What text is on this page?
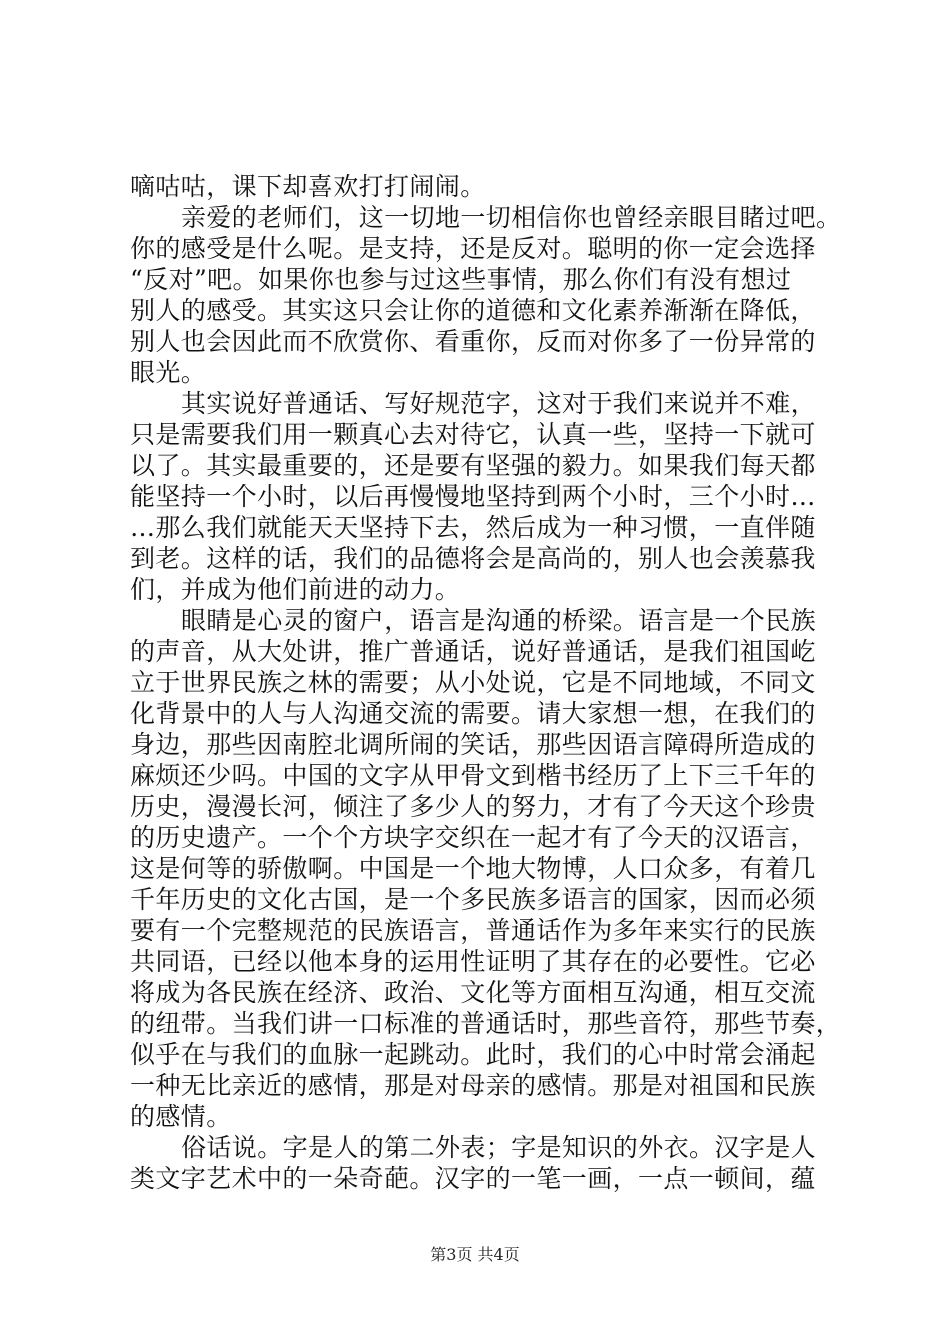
嘀咕咕，课下却喜欢打打闹闹。
亲爱的老师们，这一切地一切相信你也曾经亲眼目睹过吧。
你的感受是什么呢。是支持，还是反对。聪明的你一定会选择
“反对”吧。如果你也参与过这些事情，那么你们有没有想过
别人的感受。其实这只会让你的道德和文化素养渐渐在降低，
别人也会因此而不欣赏你、看重你，反而对你多了一份异常的
眼光。
其实说好普通话、写好规范字，这对于我们来说并不难，
只是需要我们用一颗真心去对待它，认真一些，坚持一下就可
以了。其实最重要的，还是要有坚强的毅力。如果我们每天都
能坚持一个小时，以后再慢慢地坚持到两个小时，三个小时…
…那么我们就能天天坚持下去，然后成为一种习惯，一直伴随
到老。这样的话，我们的品德将会是高尚的，别人也会羡慕我
们，并成为他们前进的动力。
眼睛是心灵的窗户，语言是沟通的桥梁。语言是一个民族
的声音，从大处讲，推广普通话，说好普通话，是我们祖国屹
立于世界民族之林的需要；从小处说，它是不同地域，不同文
化背景中的人与人沟通交流的需要。请大家想一想，在我们的
身边，那些因南腔北调所闹的笑话，那些因语言障碍所造成的
麻烦还少吗。中国的文字从甲骨文到楷书经历了上下三千年的
历史，漫漫长河，倾注了多少人的努力，才有了今天这个珍贵
的历史遗产。一个个方块字交织在一起才有了今天的汉语言，
这是何等的骄傲啊。中国是一个地大物博，人口众多，有着几
千年历史的文化古国，是一个多民族多语言的国家，因而必须
要有一个完整规范的民族语言，普通话作为多年来实行的民族
共同语，已经以他本身的运用性证明了其存在的必要性。它必
将成为各民族在经济、政治、文化等方面相互沟通，相互交流
的纽带。当我们讲一口标准的普通话时，那些音符，那些节奏，
似乎在与我们的血脉一起跳动。此时，我们的心中时常会涌起
一种无比亲近的感情，那是对母亲的感情。那是对祖国和民族
的感情。
俗话说。字是人的第二外表；字是知识的外衣。汉字是人
类文字艺术中的一朵奇葩。汉字的一笔一画，一点一顿间，蕴
第3页 共4页
